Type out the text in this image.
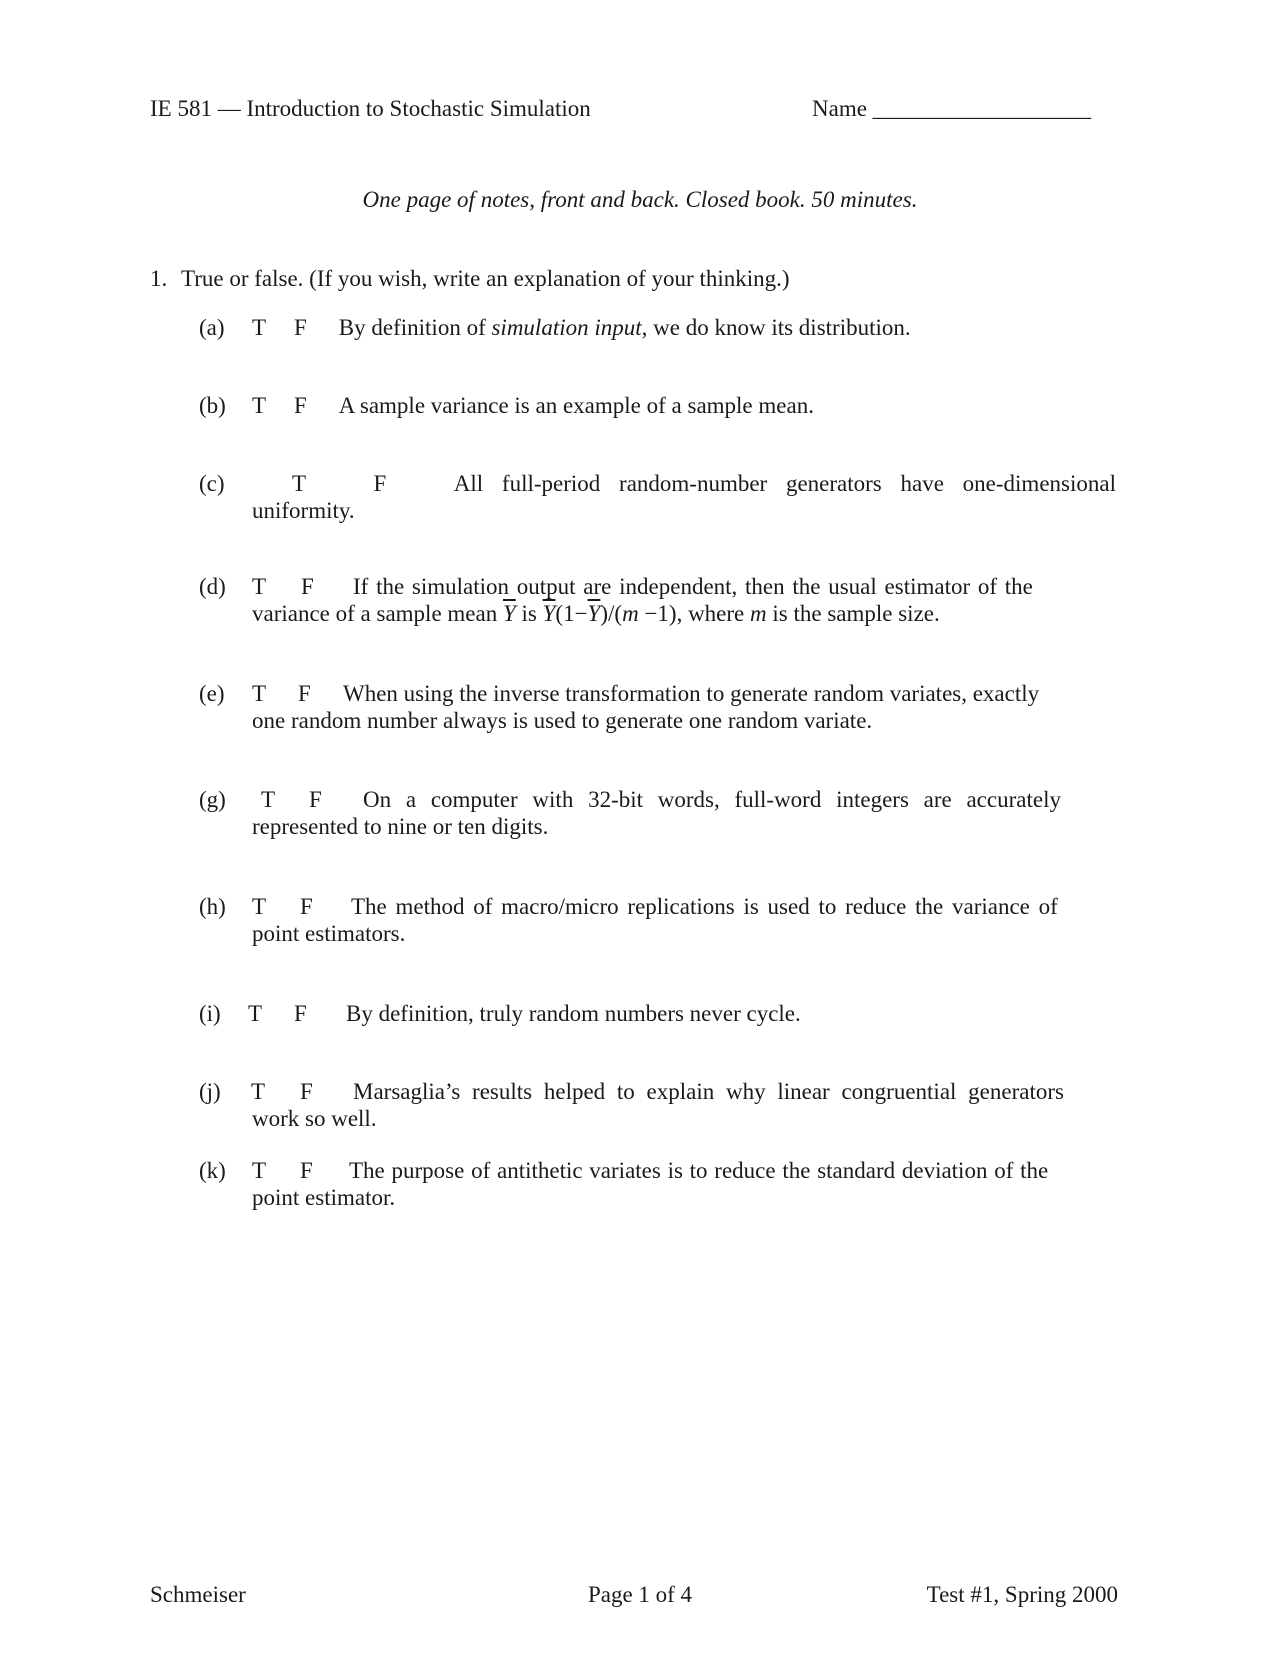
IE 581 — Introduction to Stochastic Simulation	Name ___________________
One page of notes, front and back. Closed book. 50 minutes.
1. True or false. (If you wish, write an explanation of your thinking.)
(a) T F By definition of simulation input, we do know its distribution.
(b) T F A sample variance is an example of a sample mean.
(c)	T	F	All full-period random-number generators have one-dimensional
uniformity.
(d)	T	F	If the simulation output are independent, then the usual estimator of the
variance of a sample mean $\overline{Y}$ is $\overline{Y}(1-\overline{Y})/(m -1)$, where m is the sample size.
(e)	T	F	When using the inverse transformation to generate random variates, exactly
one random number always is used to generate one random variate.
(g)	T	F	On a computer with 32-bit words, full-word integers are accurately
represented to nine or ten digits.
(h)	T	F	The method of macro/micro replications is used to reduce the variance of
point estimators.
(i)	T	F	By definition, truly random numbers never cycle.
(j)	T	F	Marsaglia’s results helped to explain why linear congruential generators
work so well.
(k)	T	F	The purpose of antithetic variates is to reduce the standard deviation of the
point estimator.
Schmeiser	Page 1 of 4	Test #1, Spring 2000
